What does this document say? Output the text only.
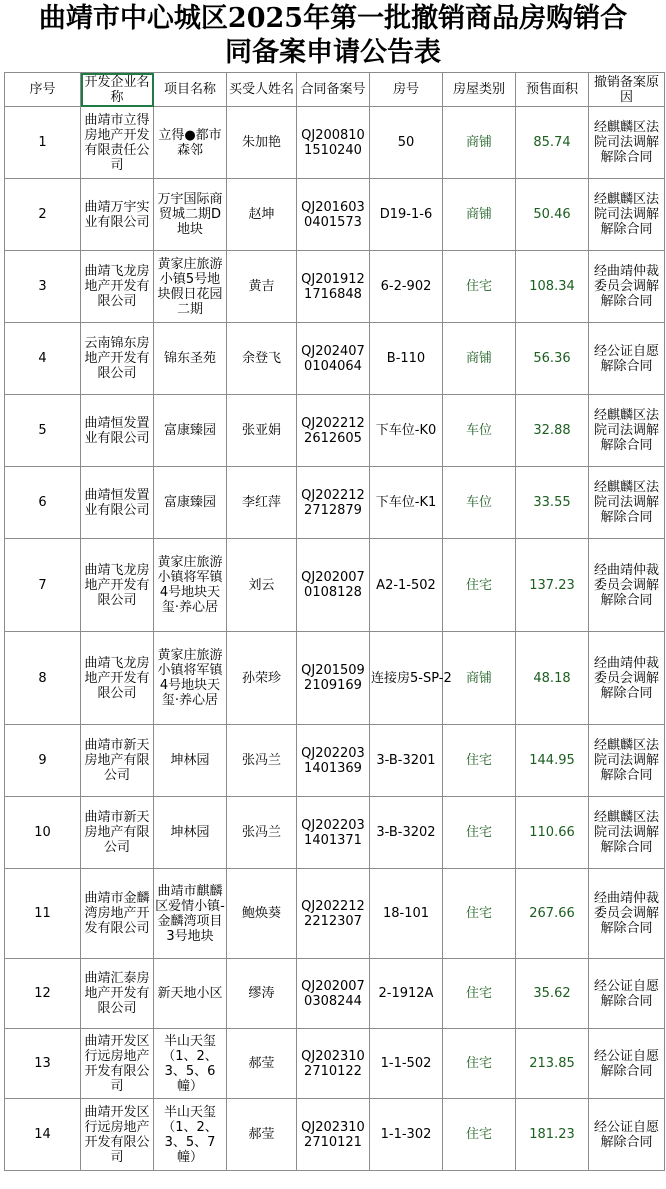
曲靖市中心城区2025年第一批撤销商品房购销合
同备案申请公告表
序号	开发企业名称	项目名称	买受人姓名	合同备案号	房号	房屋类别	预售面积	撤销备案原因
1	曲靖市立得房地产开发有限责任公司	立得●都市森邻	朱加艳	QJ2008101510240	50	商铺	85.74	经麒麟区法院司法调解解除合同
2	曲靖万宇实业有限公司	万宇国际商贸城二期D地块	赵坤	QJ2016030401573	D19-1-6	商铺	50.46	经麒麟区法院司法调解解除合同
3	曲靖飞龙房地产开发有限公司	黄家庄旅游小镇5号地块假日花园二期	黄吉	QJ2019121716848	6-2-902	住宅	108.34	经曲靖仲裁委员会调解解除合同
4	云南锦东房地产开发有限公司	锦东圣苑	余登飞	QJ2024070104064	B-110	商铺	56.36	经公证自愿解除合同
5	曲靖恒发置业有限公司	富康臻园	张亚娟	QJ2022122612605	下车位-K0	车位	32.88	经麒麟区法院司法调解解除合同
6	曲靖恒发置业有限公司	富康臻园	李红萍	QJ2022122712879	下车位-K1	车位	33.55	经麒麟区法院司法调解解除合同
7	曲靖飞龙房地产开发有限公司	黄家庄旅游小镇将军镇4号地块天玺·养心居	刘云	QJ2020070108128	A2-1-502	住宅	137.23	经曲靖仲裁委员会调解解除合同
8	曲靖飞龙房地产开发有限公司	黄家庄旅游小镇将军镇4号地块天玺·养心居	孙荣珍	QJ2015092109169	连接房5-SP-2	商铺	48.18	经曲靖仲裁委员会调解解除合同
9	曲靖市新天房地产有限公司	坤林园	张冯兰	QJ2022031401369	3-B-3201	住宅	144.95	经麒麟区法院司法调解解除合同
10	曲靖市新天房地产有限公司	坤林园	张冯兰	QJ2022031401371	3-B-3202	住宅	110.66	经麒麟区法院司法调解解除合同
11	曲靖市金麟湾房地产开发有限公司	曲靖市麒麟区爱情小镇-金麟湾项目3号地块	鲍焕葵	QJ2022122212307	18-101	住宅	267.66	经曲靖仲裁委员会调解解除合同
12	曲靖汇泰房地产开发有限公司	新天地小区	缪涛	QJ2020070308244	2-1912A	住宅	35.62	经公证自愿解除合同
13	曲靖开发区行远房地产开发有限公司	半山天玺（1、2、3、5、6幢）	郝莹	QJ2023102710122	1-1-502	住宅	213.85	经公证自愿解除合同
14	曲靖开发区行远房地产开发有限公司	半山天玺（1、2、3、5、7幢）	郝莹	QJ2023102710121	1-1-302	住宅	181.23	经公证自愿解除合同
